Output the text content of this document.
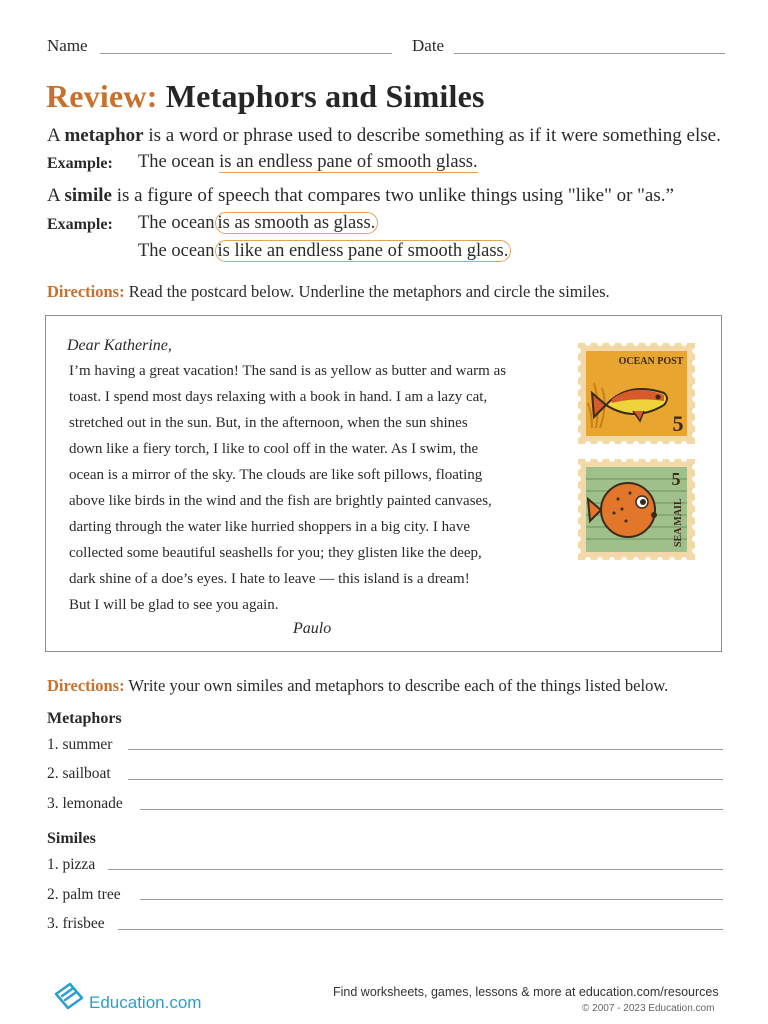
Name	Date
Review: Metaphors and Similes
A metaphor is a word or phrase used to describe something as if it were something else.
Example: The ocean is an endless pane of smooth glass.
A simile is a figure of speech that compares two unlike things using "like" or "as.”
Example: The ocean is as smooth as glass.
The ocean is like an endless pane of smooth glass.
Directions: Read the postcard below. Underline the metaphors and circle the similes.
Dear Katherine,
I’m having a great vacation! The sand is as yellow as butter and warm as
toast. I spend most days relaxing with a book in hand. I am a lazy cat,
stretched out in the sun. But, in the afternoon, when the sun shines
down like a fiery torch, I like to cool off in the water. As I swim, the
ocean is a mirror of the sky. The clouds are like soft pillows, floating
above like birds in the wind and the fish are brightly painted canvases,
darting through the water like hurried shoppers in a big city. I have
collected some beautiful seashells for you; they glisten like the deep,
dark shine of a doe’s eyes. I hate to leave — this island is a dream!
But I will be glad to see you again.
Paulo
OCEAN POST
5
5
SEA MAIL
Directions: Write your own similes and metaphors to describe each of the things listed below.
Metaphors
1. summer
2. sailboat
3. lemonade
Similes
1. pizza
2. palm tree
3. frisbee
Education.com
Find worksheets, games, lessons & more at education.com/resources
© 2007 - 2023 Education.com
